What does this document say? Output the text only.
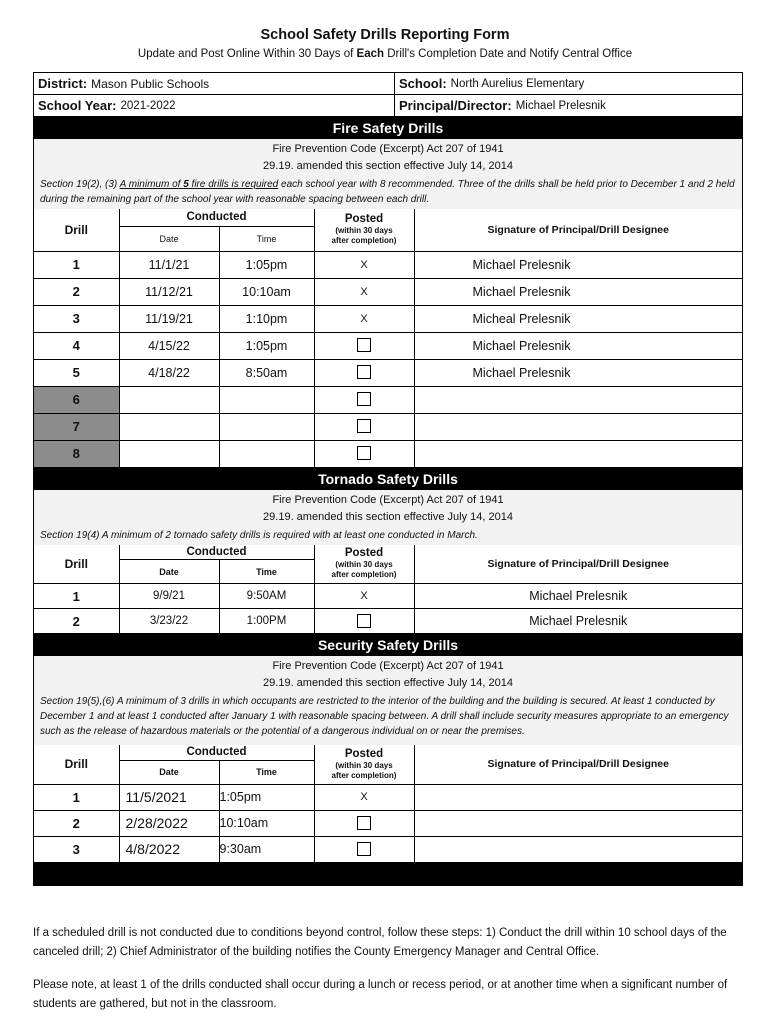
School Safety Drills Reporting Form
Update and Post Online Within 30 Days of Each Drill's Completion Date and Notify Central Office
District: Mason Public Schools	School: North Aurelius Elementary
School Year: 2021-2022	Principal/Director: Michael Prelesnik
Fire Safety Drills
Fire Prevention Code (Excerpt) Act 207 of 1941
29.19. amended this section effective July 14, 2014
Section 19(2), (3) A minimum of 5 fire drills is required each school year with 8 recommended. Three of the drills shall be held prior to December 1 and 2 held during the remaining part of the school year with reasonable spacing between each drill.
Drill	Conducted		Posted
(within 30 days
after completion)	Signature of Principal/Drill Designee
	Date	Time		
1	11/1/21	1:05pm	X	Michael Prelesnik
2	11/12/21	10:10am	X	Michael Prelesnik
3	11/19/21	1:10pm	X	Micheal Prelesnik
4	4/15/22	1:05pm		Michael Prelesnik
5	4/18/22	8:50am		Michael Prelesnik
6				
7				
8				
Tornado Safety Drills
Fire Prevention Code (Excerpt) Act 207 of 1941
29.19. amended this section effective July 14, 2014
Section 19(4) A minimum of 2 tornado safety drills is required with at least one conducted in March.
Drill	Conducted		Posted
(within 30 days
after completion)	Signature of Principal/Drill Designee
	Date	Time		
1	9/9/21	9:50AM	X	Michael Prelesnik
2	3/23/22	1:00PM		Michael Prelesnik
Security Safety Drills
Fire Prevention Code (Excerpt) Act 207 of 1941
29.19. amended this section effective July 14, 2014
Section 19(5),(6) A minimum of 3 drills in which occupants are restricted to the interior of the building and the building is secured. At least 1 conducted by December 1 and at least 1 conducted after January 1 with reasonable spacing between. A drill shall include security measures appropriate to an emergency such as the release of hazardous materials or the potential of a dangerous individual on or near the premises.
Drill	Conducted		Posted
(within 30 days
after completion)	Signature of Principal/Drill Designee
	Date	Time		
1	11/5/2021	1:05pm	X	
2	2/28/2022	10:10am		
3	4/8/2022	9:30am		
If a scheduled drill is not conducted due to conditions beyond control, follow these steps: 1) Conduct the drill within 10 school days of the canceled drill; 2) Chief Administrator of the building notifies the County Emergency Manager and Central Office.
Please note, at least 1 of the drills conducted shall occur during a lunch or recess period, or at another time when a significant number of students are gathered, but not in the classroom.
